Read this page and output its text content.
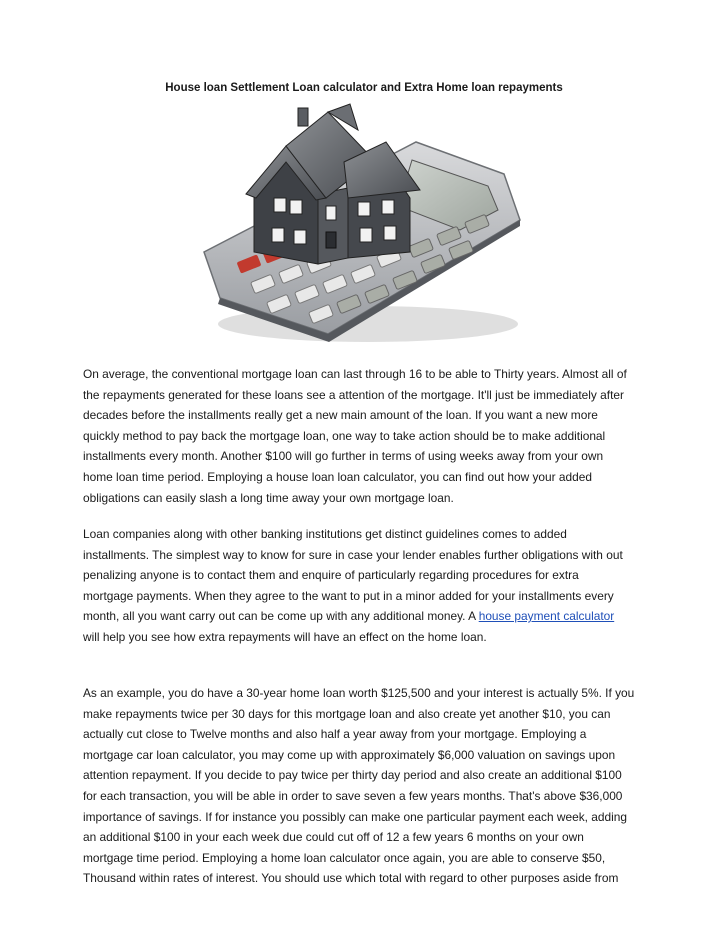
House loan Settlement Loan calculator and Extra Home loan repayments
On average, the conventional mortgage loan can last through 16 to be able to Thirty years. Almost all of
the repayments generated for these loans see a attention of the mortgage. It'll just be immediately after
decades before the installments really get a new main amount of the loan. If you want a new more
quickly method to pay back the mortgage loan, one way to take action should be to make additional
installments every month. Another $100 will go further in terms of using weeks away from your own
home loan time period. Employing a house loan loan calculator, you can find out how your added
obligations can easily slash a long time away your own mortgage loan.
Loan companies along with other banking institutions get distinct guidelines comes to added
installments. The simplest way to know for sure in case your lender enables further obligations with out
penalizing anyone is to contact them and enquire of particularly regarding procedures for extra
mortgage payments. When they agree to the want to put in a minor added for your installments every
month, all you want carry out can be come up with any additional money. A house payment calculator
will help you see how extra repayments will have an effect on the home loan.
As an example, you do have a 30-year home loan worth $125,500 and your interest is actually 5%. If you
make repayments twice per 30 days for this mortgage loan and also create yet another $10, you can
actually cut close to Twelve months and also half a year away from your mortgage. Employing a
mortgage car loan calculator, you may come up with approximately $6,000 valuation on savings upon
attention repayment. If you decide to pay twice per thirty day period and also create an additional $100
for each transaction, you will be able in order to save seven a few years months. That's above $36,000
importance of savings. If for instance you possibly can make one particular payment each week, adding
an additional $100 in your each week due could cut off of 12 a few years 6 months on your own
mortgage time period. Employing a home loan calculator once again, you are able to conserve $50,
Thousand within rates of interest. You should use which total with regard to other purposes aside from
